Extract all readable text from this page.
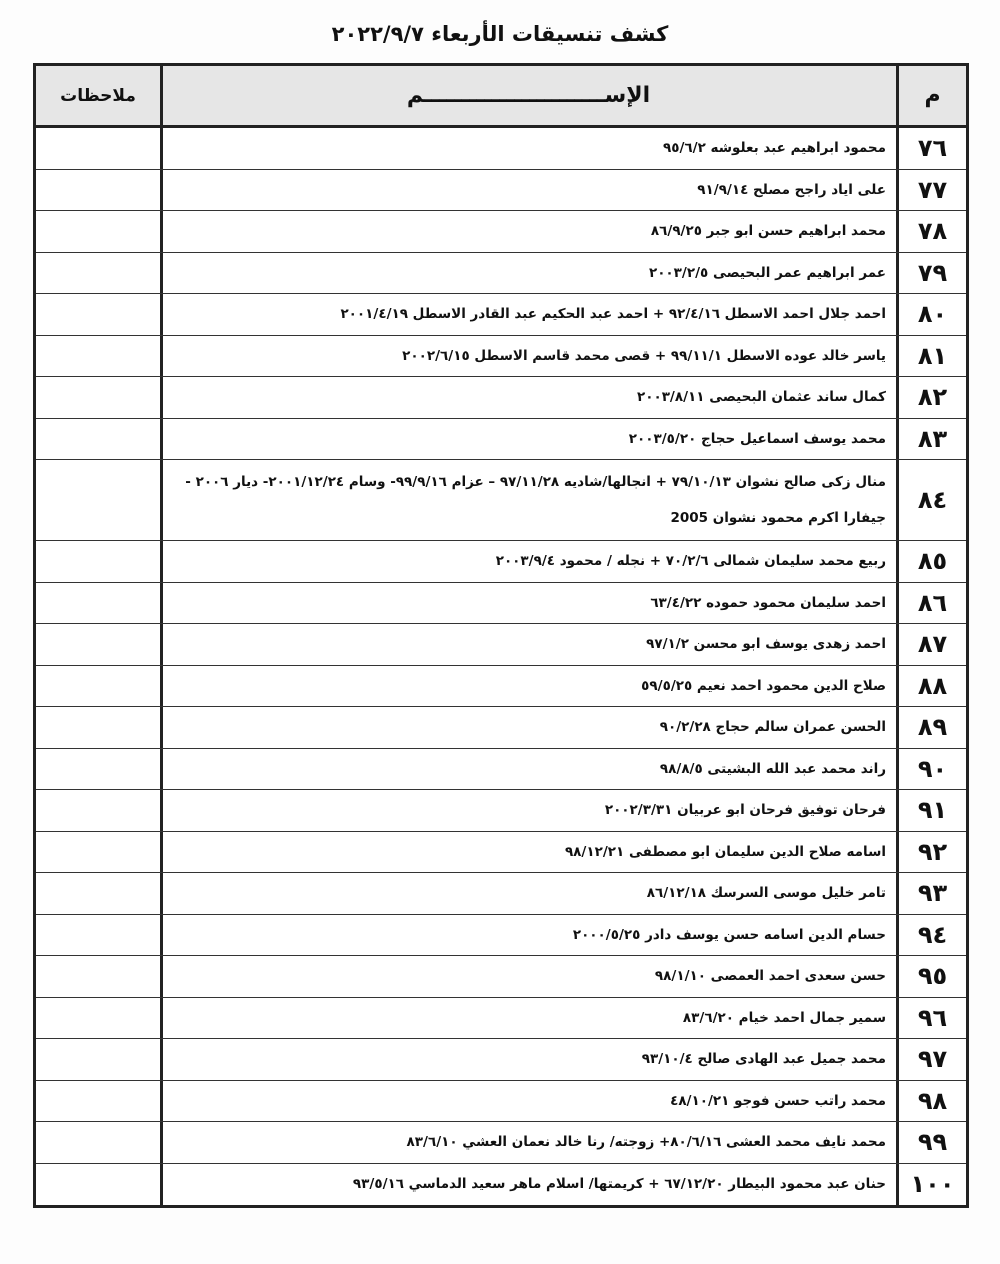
كشف تنسيقات الأربعاء ٢٠٢٢/٩/٧
م
الإســــــــــــــــــــــــم
ملاحظات
٧٦
محمود ابراهيم عبد بعلوشه ٩٥/٦/٢
٧٧
على اياد راجح مصلح ٩١/٩/١٤
٧٨
محمد ابراهيم حسن ابو جبر ٨٦/٩/٢٥
٧٩
عمر ابراهيم عمر البحيصى ٢٠٠٣/٢/٥
٨٠
احمد جلال احمد الاسطل ٩٢/٤/١٦ + احمد عبد الحكيم عبد القادر الاسطل ٢٠٠١/٤/١٩
٨١
ياسر خالد عوده الاسطل ٩٩/١١/١ + قصى محمد قاسم الاسطل ٢٠٠٢/٦/١٥
٨٢
كمال ساند عثمان البحيصى ٢٠٠٣/٨/١١
٨٣
محمد يوسف اسماعيل حجاج ٢٠٠٣/٥/٢٠
٨٤
منال زكى صالح نشوان ٧٩/١٠/١٣ + انجالها/شاديه ٩٧/١١/٢٨ – عزام ٩٩/٩/١٦- وسام ٢٠٠١/١٢/٢٤- ديار ٢٠٠٦ - جيفارا اكرم محمود نشوان 2005
٨٥
ربيع محمد سليمان شمالى ٧٠/٢/٦ + نجله / محمود ٢٠٠٣/٩/٤
٨٦
احمد سليمان محمود حموده ٦٣/٤/٢٢
٨٧
احمد زهدى يوسف ابو محسن ٩٧/١/٢
٨٨
صلاح الدين محمود احمد نعيم ٥٩/٥/٢٥
٨٩
الحسن عمران سالم حجاج ٩٠/٢/٢٨
٩٠
راند محمد عبد الله البشيتى ٩٨/٨/٥
٩١
فرحان توفيق فرحان ابو عربيان ٢٠٠٢/٣/٣١
٩٢
اسامه صلاح الدين سليمان ابو مصطفى ٩٨/١٢/٢١
٩٣
تامر خليل موسى السرسك ٨٦/١٢/١٨
٩٤
حسام الدين اسامه حسن يوسف دادر ٢٠٠٠/٥/٢٥
٩٥
حسن سعدى احمد العمصى ٩٨/١/١٠
٩٦
سمير جمال احمد خيام ٨٣/٦/٢٠
٩٧
محمد جميل عبد الهادى صالح ٩٣/١٠/٤
٩٨
محمد راتب حسن فوجو ٤٨/١٠/٢١
٩٩
محمد نايف محمد العشى ٨٠/٦/١٦+ زوجته/ رنا خالد نعمان العشي ٨٣/٦/١٠
١٠٠
حنان عبد محمود البيطار ٦٧/١٢/٢٠ + كريمتها/ اسلام ماهر سعيد الدماسي ٩٣/٥/١٦
